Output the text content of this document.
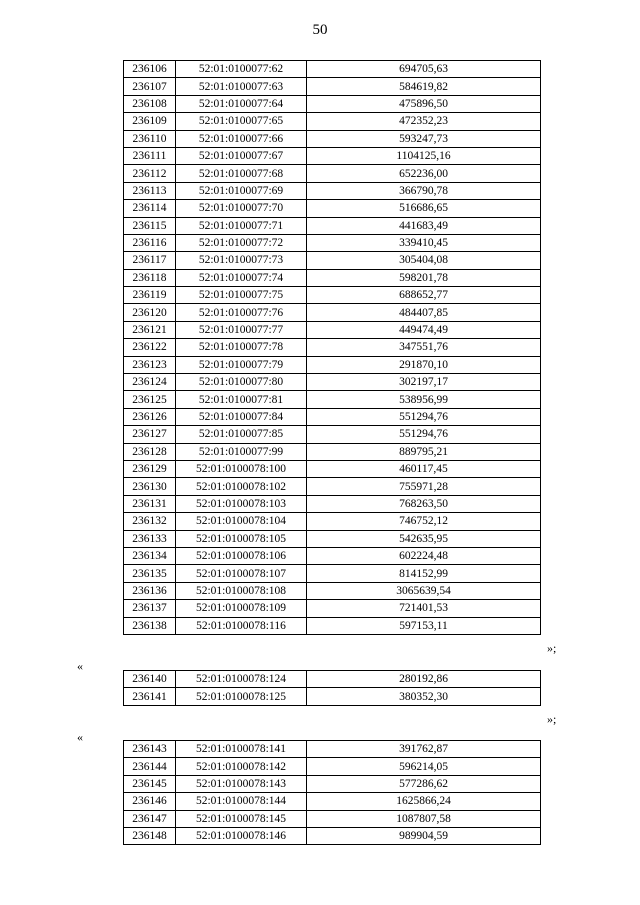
50
236106	52:01:0100077:62	694705,63
236107	52:01:0100077:63	584619,82
236108	52:01:0100077:64	475896,50
236109	52:01:0100077:65	472352,23
236110	52:01:0100077:66	593247,73
236111	52:01:0100077:67	1104125,16
236112	52:01:0100077:68	652236,00
236113	52:01:0100077:69	366790,78
236114	52:01:0100077:70	516686,65
236115	52:01:0100077:71	441683,49
236116	52:01:0100077:72	339410,45
236117	52:01:0100077:73	305404,08
236118	52:01:0100077:74	598201,78
236119	52:01:0100077:75	688652,77
236120	52:01:0100077:76	484407,85
236121	52:01:0100077:77	449474,49
236122	52:01:0100077:78	347551,76
236123	52:01:0100077:79	291870,10
236124	52:01:0100077:80	302197,17
236125	52:01:0100077:81	538956,99
236126	52:01:0100077:84	551294,76
236127	52:01:0100077:85	551294,76
236128	52:01:0100077:99	889795,21
236129	52:01:0100078:100	460117,45
236130	52:01:0100078:102	755971,28
236131	52:01:0100078:103	768263,50
236132	52:01:0100078:104	746752,12
236133	52:01:0100078:105	542635,95
236134	52:01:0100078:106	602224,48
236135	52:01:0100078:107	814152,99
236136	52:01:0100078:108	3065639,54
236137	52:01:0100078:109	721401,53
236138	52:01:0100078:116	597153,11
»;
«
236140	52:01:0100078:124	280192,86
236141	52:01:0100078:125	380352,30
»;
«
236143	52:01:0100078:141	391762,87
236144	52:01:0100078:142	596214,05
236145	52:01:0100078:143	577286,62
236146	52:01:0100078:144	1625866,24
236147	52:01:0100078:145	1087807,58
236148	52:01:0100078:146	989904,59
